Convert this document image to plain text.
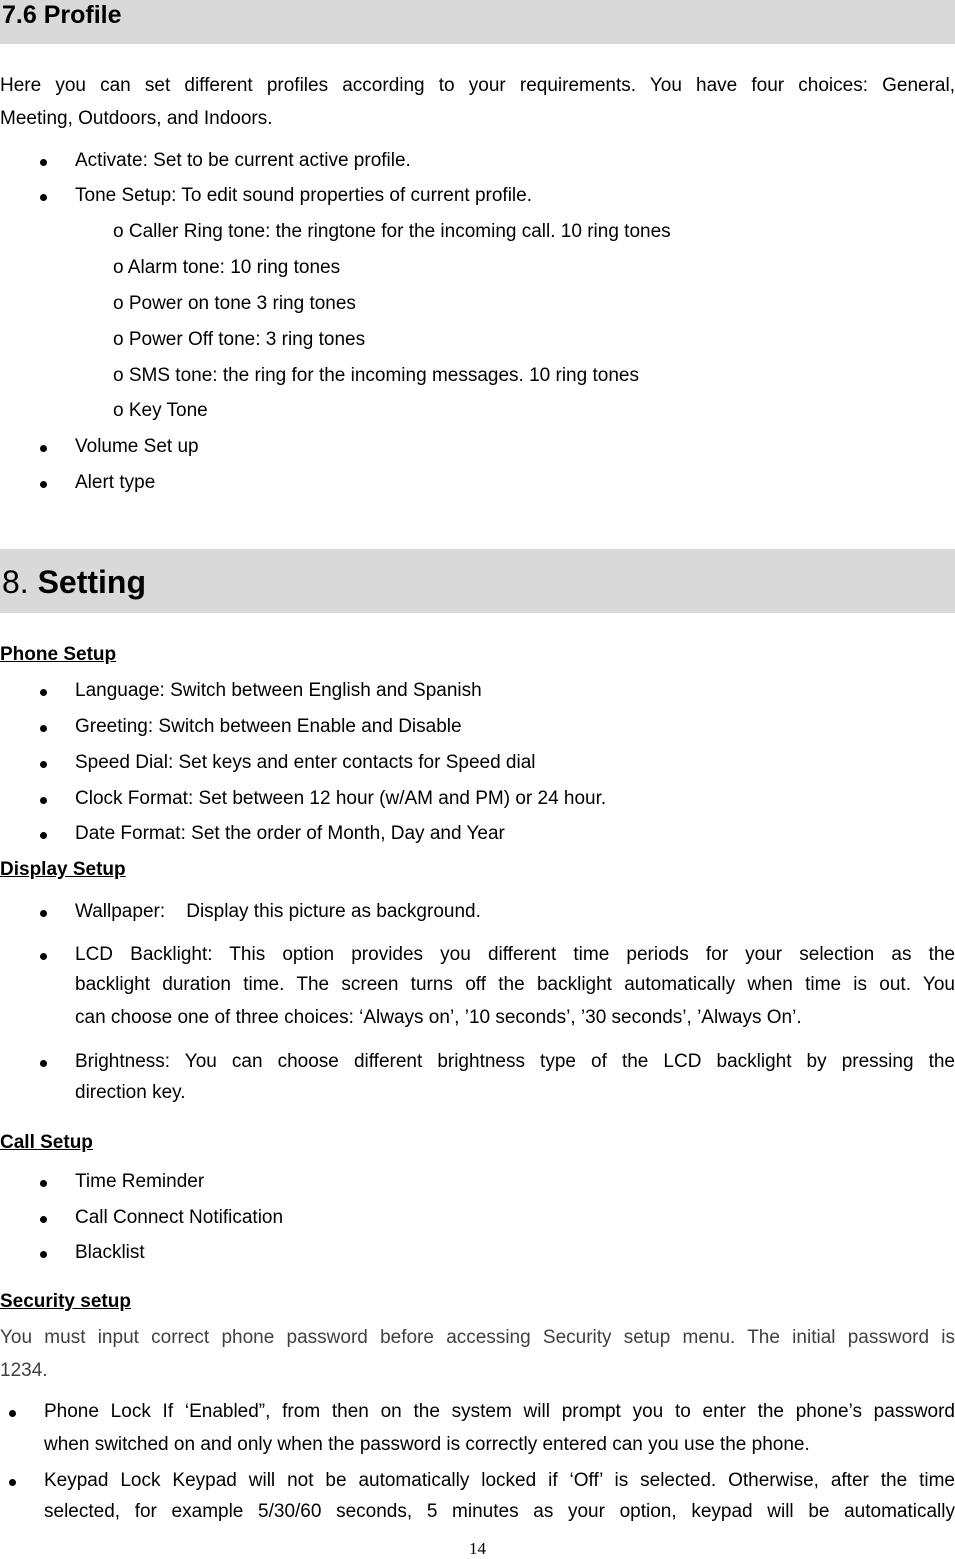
7.6 Profile
Here you can set different profiles according to your requirements. You have four choices: General,
Meeting, Outdoors, and Indoors.
Activate: Set to be current active profile.
Tone Setup: To edit sound properties of current profile.
o Caller Ring tone: the ringtone for the incoming call. 10 ring tones
o Alarm tone: 10 ring tones
o Power on tone 3 ring tones
o Power Off tone: 3 ring tones
o SMS tone: the ring for the incoming messages. 10 ring tones
o Key Tone
Volume Set up
Alert type
8. Setting
Phone Setup
Language: Switch between English and Spanish
Greeting: Switch between Enable and Disable
Speed Dial: Set keys and enter contacts for Speed dial
Clock Format: Set between 12 hour (w/AM and PM) or 24 hour.
Date Format: Set the order of Month, Day and Year
Display Setup
Wallpaper:    Display this picture as background.
LCD Backlight: This option provides you different time periods for your selection as the
backlight duration time. The screen turns off the backlight automatically when time is out. You
can choose one of three choices: ‘Always on’, ’10 seconds’, ’30 seconds’, ’Always On’.
Brightness: You can choose different brightness type of the LCD backlight by pressing the
direction key.
Call Setup
Time Reminder
Call Connect Notification
Blacklist
Security setup
You must input correct phone password before accessing Security setup menu. The initial password is
1234.
Phone Lock If ‘Enabled”, from then on the system will prompt you to enter the phone’s password
when switched on and only when the password is correctly entered can you use the phone.
Keypad Lock Keypad will not be automatically locked if ‘Off’ is selected. Otherwise, after the time
selected, for example 5/30/60 seconds, 5 minutes as your option, keypad will be automatically
14
